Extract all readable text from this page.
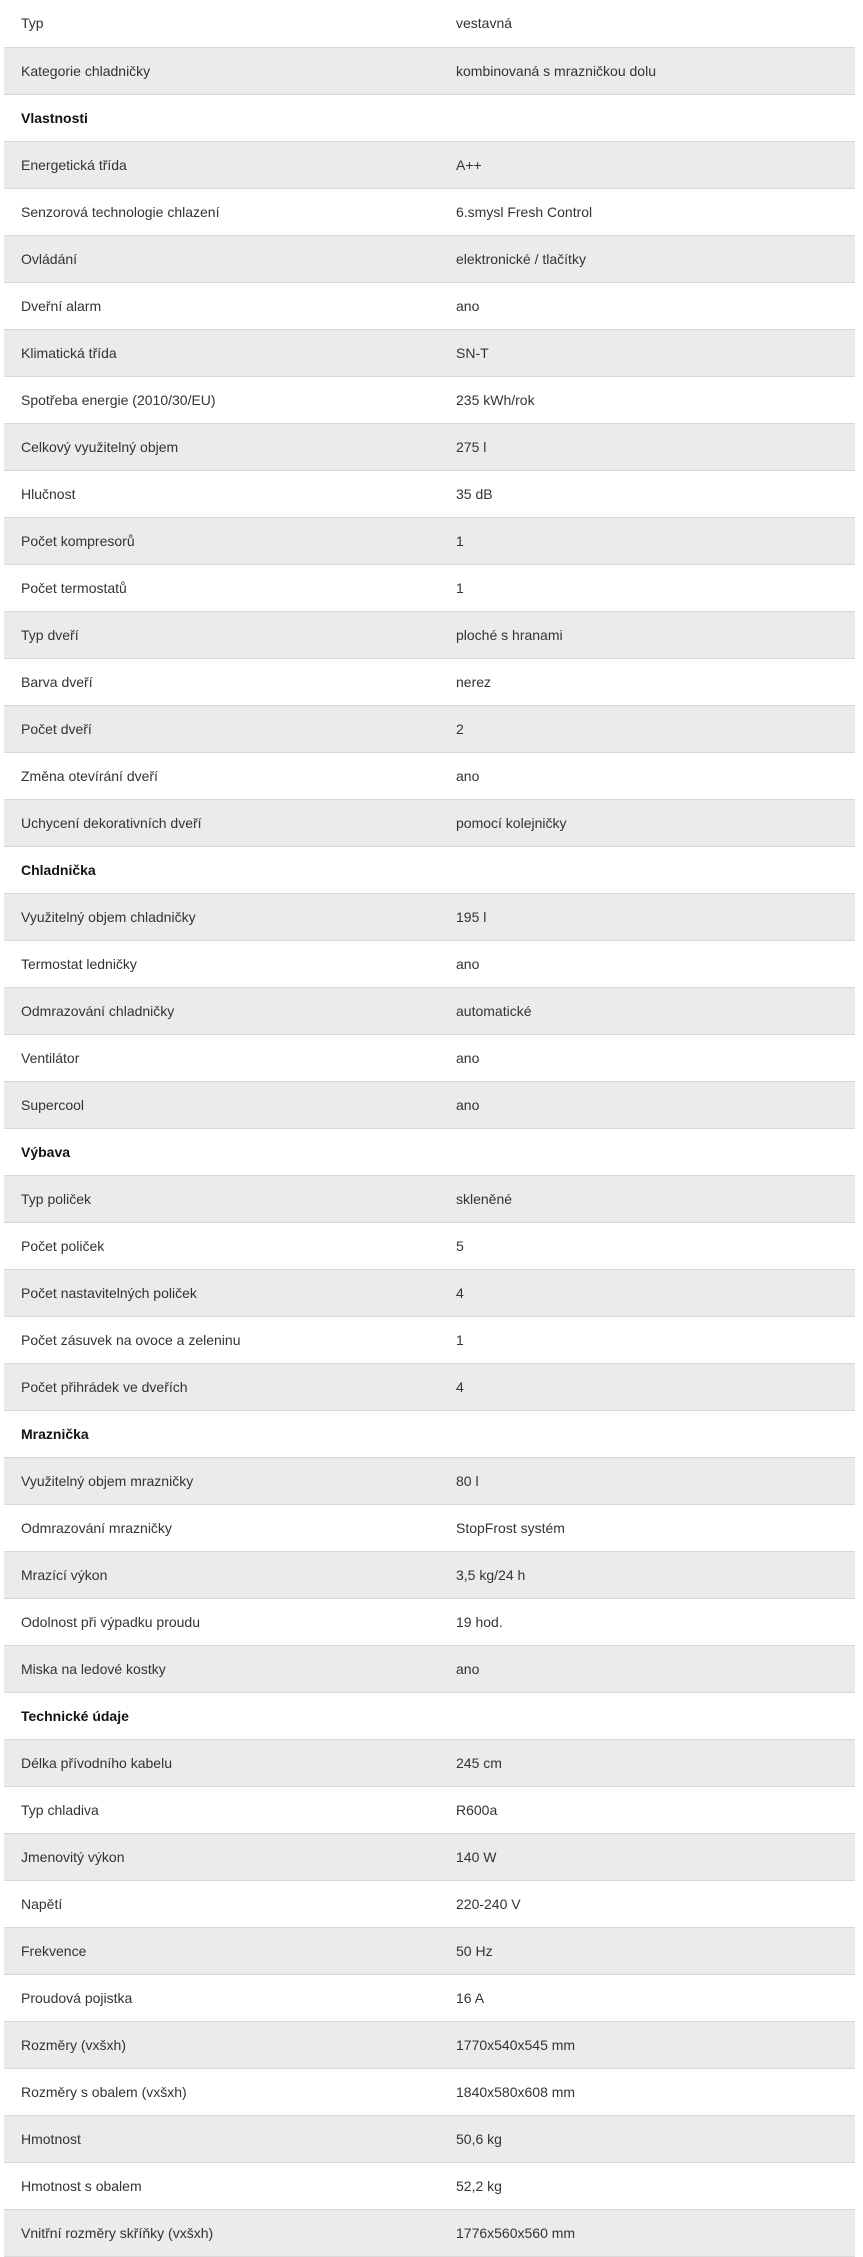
Typ	vestavná
Kategorie chladničky	kombinovaná s mrazničkou dolu
Vlastnosti	
Energetická třída	A++
Senzorová technologie chlazení	6.smysl Fresh Control
Ovládání	elektronické / tlačítky
Dveřní alarm	ano
Klimatická třída	SN-T
Spotřeba energie (2010/30/EU)	235 kWh/rok
Celkový využitelný objem	275 l
Hlučnost	35 dB
Počet kompresorů	1
Počet termostatů	1
Typ dveří	ploché s hranami
Barva dveří	nerez
Počet dveří	2
Změna otevírání dveří	ano
Uchycení dekorativních dveří	pomocí kolejničky
Chladnička	
Využitelný objem chladničky	195 l
Termostat ledničky	ano
Odmrazování chladničky	automatické
Ventilátor	ano
Supercool	ano
Výbava	
Typ poliček	skleněné
Počet poliček	5
Počet nastavitelných poliček	4
Počet zásuvek na ovoce a zeleninu	1
Počet přihrádek ve dveřích	4
Mraznička	
Využitelný objem mrazničky	80 l
Odmrazování mrazničky	StopFrost systém
Mrazící výkon	3,5 kg/24 h
Odolnost při výpadku proudu	19 hod.
Miska na ledové kostky	ano
Technické údaje	
Délka přívodního kabelu	245 cm
Typ chladiva	R600a
Jmenovitý výkon	140 W
Napětí	220-240 V
Frekvence	50 Hz
Proudová pojistka	16 A
Rozměry (vxšxh)	1770x540x545 mm
Rozměry s obalem (vxšxh)	1840x580x608 mm
Hmotnost	50,6 kg
Hmotnost s obalem	52,2 kg
Vnitřní rozměry skříňky (vxšxh)	1776x560x560 mm
